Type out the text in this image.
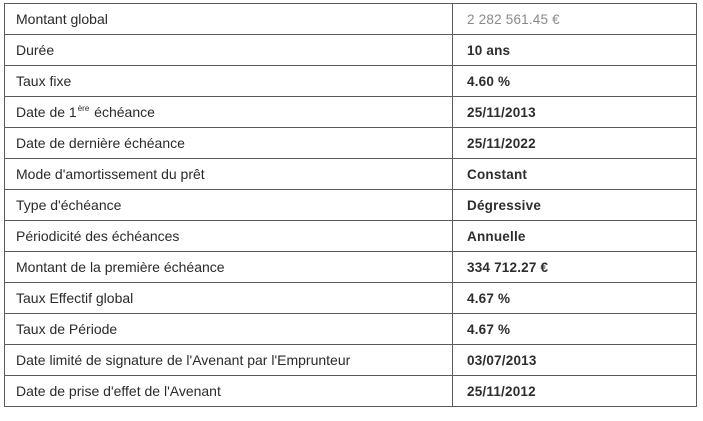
Montant global	2 282 561.45 €
Durée	10 ans
Taux fixe	4.60 %
Date de 1ère échéance	25/11/2013
Date de dernière échéance	25/11/2022
Mode d'amortissement du prêt	Constant
Type d'échéance	Dégressive
Périodicité des échéances	Annuelle
Montant de la première échéance	334 712.27 €
Taux Effectif global	4.67 %
Taux de Période	4.67 %
Date limité de signature de l'Avenant par l'Emprunteur	03/07/2013
Date de prise d'effet de l'Avenant	25/11/2012
